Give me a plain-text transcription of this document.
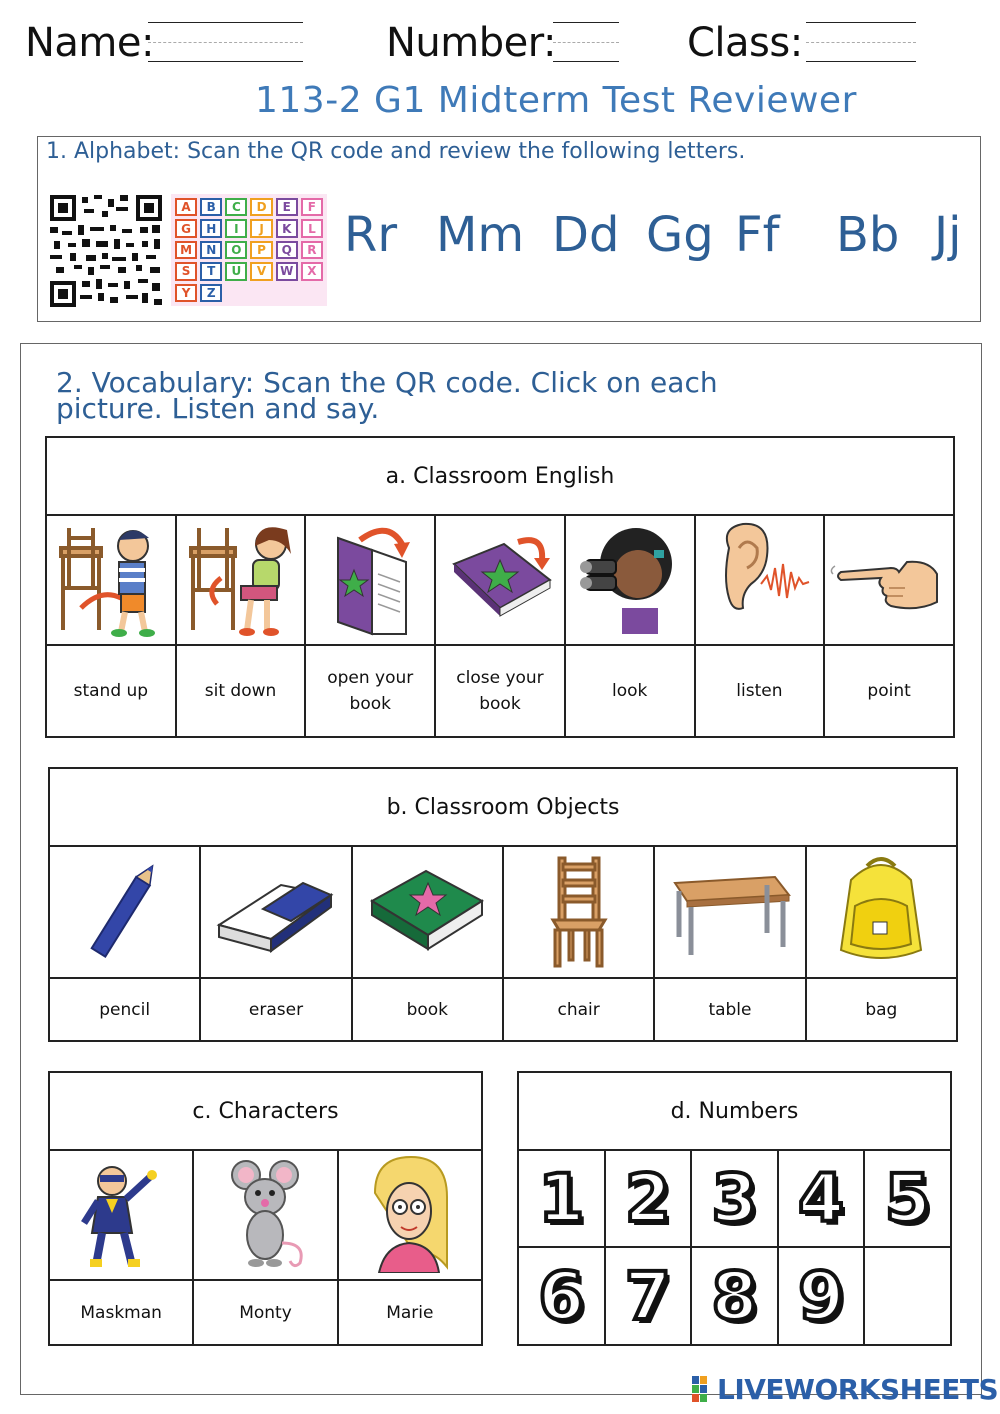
Name:	Number:	Class:
113-2 G1 Midterm Test Reviewer
1. Alphabet: Scan the QR code and review the following letters.
A	B	C	D	E	F
G	H	I	J	K	L
M	N	O	P	Q	R
S	T	U	V	W	X
Y	Z
Rr Mm Dd Gg Ff Bb Jj
2. Vocabulary: Scan the QR code. Click on each picture. Listen and say.
a. Classroom English						

stand up	sit down	open your book	close your book	look	listen	point
b. Classroom Objects					

pencil	eraser	book	chair	table	bag
c. Characters		

Maskman	Monty	Marie
d. Numbers				
1	2	3	4	5
6	7	8	9	
LIVEWORKSHEETS
